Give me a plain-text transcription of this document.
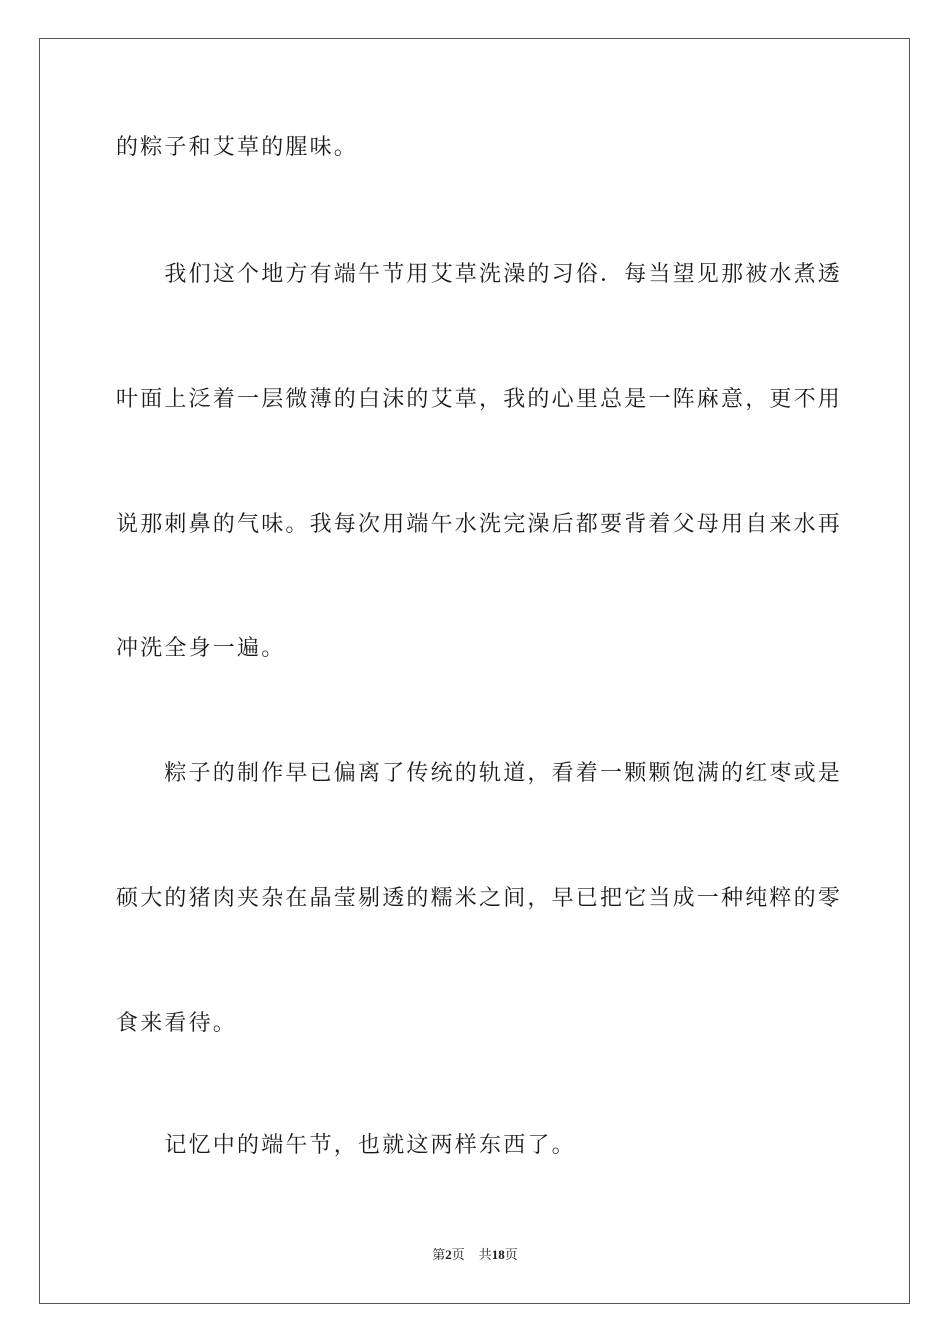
的粽子和艾草的腥味。

　　我们这个地方有端午节用艾草洗澡的习俗．每当望见那被水煮透

叶面上泛着一层微薄的白沫的艾草，我的心里总是一阵麻意，更不用

说那刺鼻的气味。我每次用端午水洗完澡后都要背着父母用自来水再

冲洗全身一遍。

　　粽子的制作早已偏离了传统的轨道，看着一颗颗饱满的红枣或是

硕大的猪肉夹杂在晶莹剔透的糯米之间，早已把它当成一种纯粹的零

食来看待。

　　记忆中的端午节，也就这两样东西了。

第2页 共18页
